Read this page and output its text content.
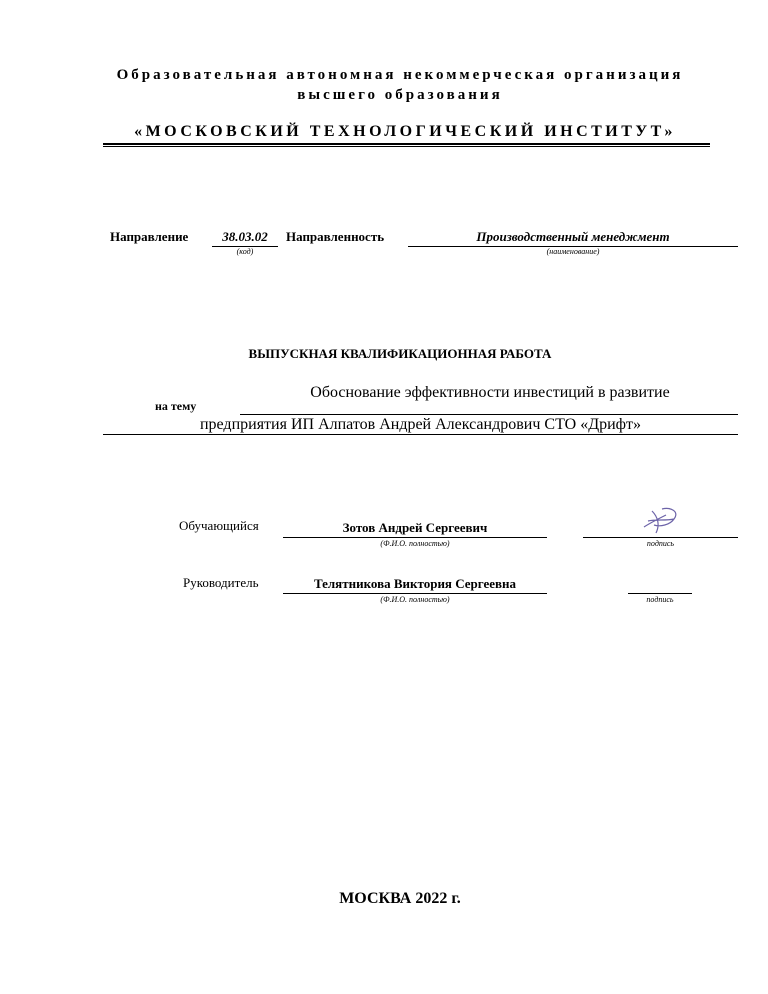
Образовательная автономная некоммерческая организация
высшего образования
«МОСКОВСКИЙ ТЕХНОЛОГИЧЕСКИЙ ИНСТИТУТ»
Направление	38.03.02
(код)
Направленность	Производственный менеджмент
(наименование)
ВЫПУСКНАЯ КВАЛИФИКАЦИОННАЯ РАБОТА
Обоснование эффективности инвестиций в развитие
на тему
предприятия ИП Алпатов Андрей Александрович СТО «Дрифт»
Обучающийся	Зотов Андрей Сергеевич
(Ф.И.О. полностью)	подпись
Руководитель	Телятникова Виктория Сергеевна
(Ф.И.О. полностью)	подпись
МОСКВА 2022 г.
